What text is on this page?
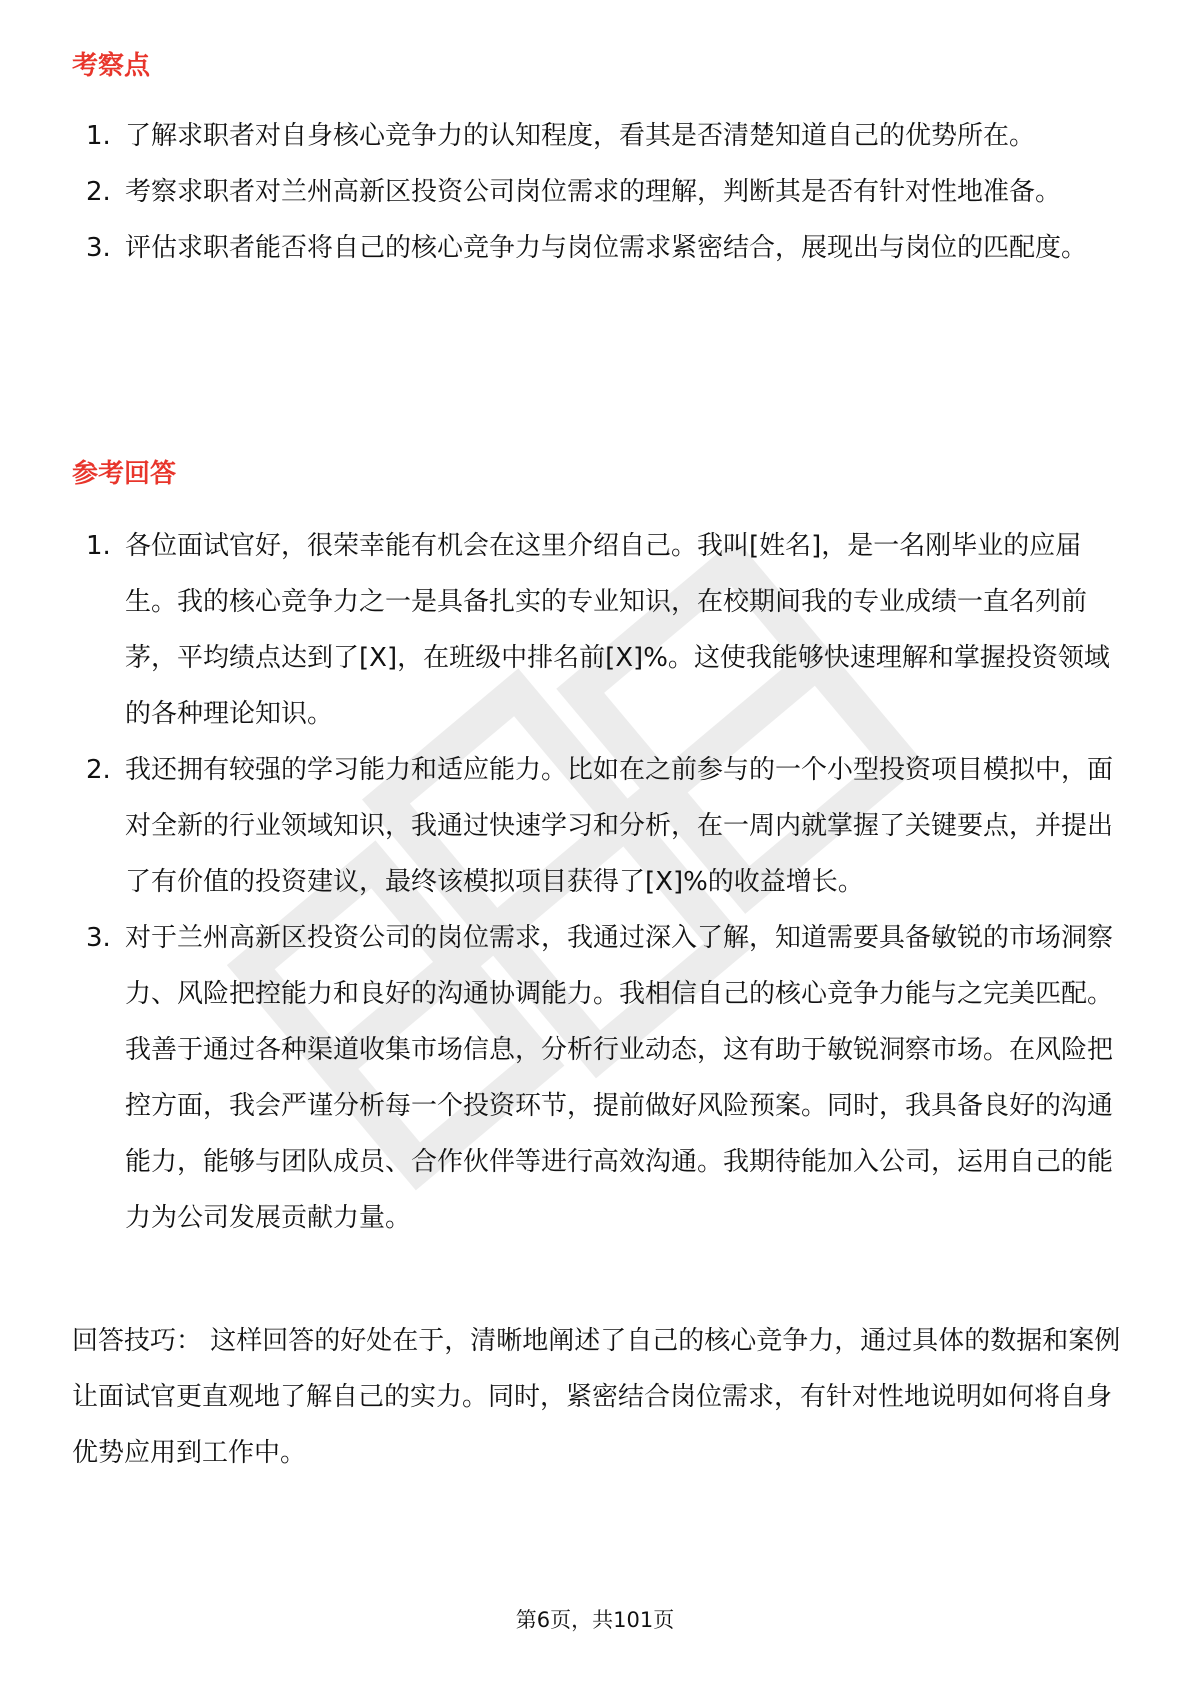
考察点
1. 了解求职者对自身核心竞争力的认知程度，看其是否清楚知道自己的优势所在。
2. 考察求职者对兰州高新区投资公司岗位需求的理解，判断其是否有针对性地准备。
3. 评估求职者能否将自己的核心竞争力与岗位需求紧密结合，展现出与岗位的匹配度。
参考回答
1. 各位面试官好，很荣幸能有机会在这里介绍自己。我叫[姓名]，是一名刚毕业的应届生。我的核心竞争力之一是具备扎实的专业知识，在校期间我的专业成绩一直名列前茅，平均绩点达到了[X]，在班级中排名前[X]%。这使我能够快速理解和掌握投资领域的各种理论知识。
2. 我还拥有较强的学习能力和适应能力。比如在之前参与的一个小型投资项目模拟中，面对全新的行业领域知识，我通过快速学习和分析，在一周内就掌握了关键要点，并提出了有价值的投资建议，最终该模拟项目获得了[X]%的收益增长。
3. 对于兰州高新区投资公司的岗位需求，我通过深入了解，知道需要具备敏锐的市场洞察力、风险把控能力和良好的沟通协调能力。我相信自己的核心竞争力能与之完美匹配。我善于通过各种渠道收集市场信息，分析行业动态，这有助于敏锐洞察市场。在风险把控方面，我会严谨分析每一个投资环节，提前做好风险预案。同时，我具备良好的沟通能力，能够与团队成员、合作伙伴等进行高效沟通。我期待能加入公司，运用自己的能力为公司发展贡献力量。

回答技巧： 这样回答的好处在于，清晰地阐述了自己的核心竞争力，通过具体的数据和案例让面试官更直观地了解自己的实力。同时，紧密结合岗位需求，有针对性地说明如何将自身优势应用到工作中。

第6页，共101页
